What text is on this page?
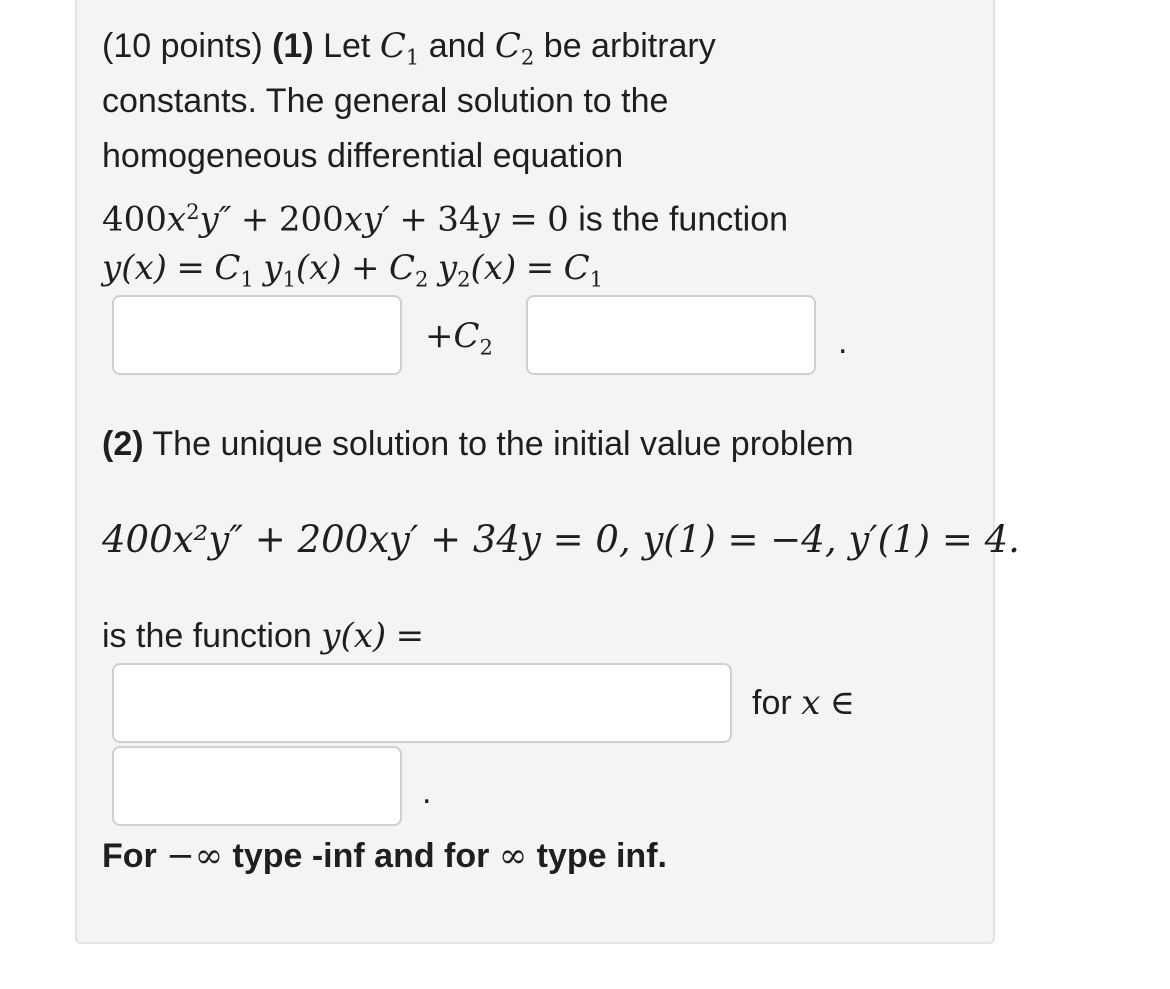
(10 points) (1) Let $C_1$ and $C_2$ be arbitrary
constants. The general solution to the
homogeneous differential equation
$400x^2y'' + 200xy' + 34y = 0$ is the function
$y(x) = C_1$ $y_1(x) + C_2$ $y_2(x) = C_1$
$+C_2$	.
(2) The unique solution to the initial value problem
400x²y″ + 200xy′ + 34y = 0, y(1) = −4, y′(1) = 4.
is the function y(x) =
for x ∈
.
For −∞ type -inf and for ∞ type inf.
